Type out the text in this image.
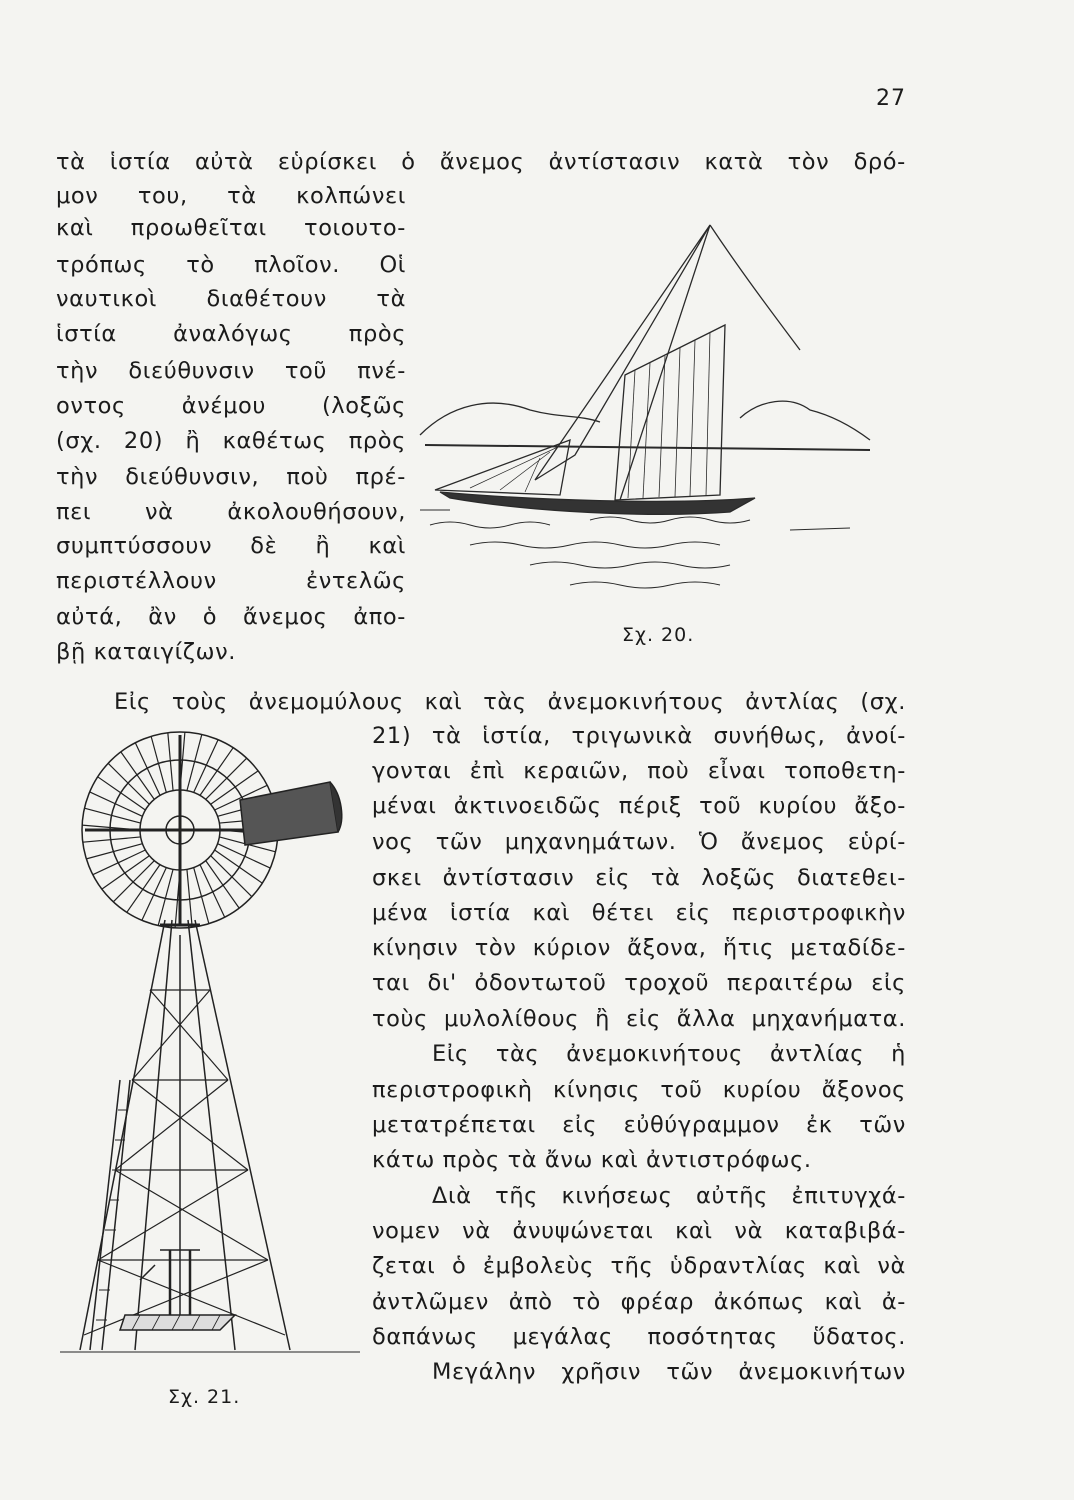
27
τὰ ἱστία αὐτὰ εὑρίσκει ὁ ἄνεμος ἀντίστασιν κατὰ τὸν δρό-
μον του, τὰ κολπώνει
καὶ προωθεῖται τοιουτο-
τρόπως τὸ πλοῖον. Οἱ
ναυτικοὶ διαθέτουν τὰ
ἱστία ἀναλόγως πρὸς
τὴν διεύθυνσιν τοῦ πνέ-
οντος ἀνέμου (λοξῶς
(σχ. 20) ἢ καθέτως πρὸς
τὴν διεύθυνσιν, ποὺ πρέ-
πει νὰ ἀκολουθήσουν,
συμπτύσσουν δὲ ἢ καὶ
περιστέλλουν	ἐντελῶς
αὐτά, ἂν ὁ ἄνεμος ἀπο-
βῇ καταιγίζων.
Σχ. 20.
Εἰς τοὺς ἀνεμομύλους καὶ τὰς ἀνεμοκινήτους ἀντλίας (σχ.
21) τὰ ἱστία, τριγωνικὰ συνήθως, ἀνοί-
γονται ἐπὶ κεραιῶν, ποὺ εἶναι τοποθετη-
μέναι ἀκτινοειδῶς πέριξ τοῦ κυρίου ἄξο-
νος τῶν μηχανημάτων. Ὁ ἄνεμος εὑρί-
σκει ἀντίστασιν εἰς τὰ λοξῶς διατεθει-
μένα ἱστία καὶ θέτει εἰς περιστροφικὴν
κίνησιν τὸν κύριον ἄξονα, ἥτις μεταδίδε-
ται δι' ὀδοντωτοῦ τροχοῦ περαιτέρω εἰς
τοὺς μυλολίθους ἢ εἰς ἄλλα μηχανήματα.
Εἰς τὰς ἀνεμοκινήτους ἀντλίας ἡ
περιστροφικὴ κίνησις τοῦ κυρίου ἄξονος
μετατρέπεται εἰς εὐθύγραμμον ἐκ τῶν
κάτω πρὸς τὰ ἄνω καὶ ἀντιστρόφως.
Διὰ τῆς κινήσεως αὐτῆς ἐπιτυγχά-
νομεν νὰ ἀνυψώνεται καὶ νὰ καταβιβά-
ζεται ὁ ἐμβολεὺς τῆς ὑδραντλίας καὶ νὰ
ἀντλῶμεν ἀπὸ τὸ φρέαρ ἀκόπως καὶ ἀ-
δαπάνως μεγάλας ποσότητας ὕδατος.
Μεγάλην χρῆσιν τῶν ἀνεμοκινήτων
Σχ. 21.
